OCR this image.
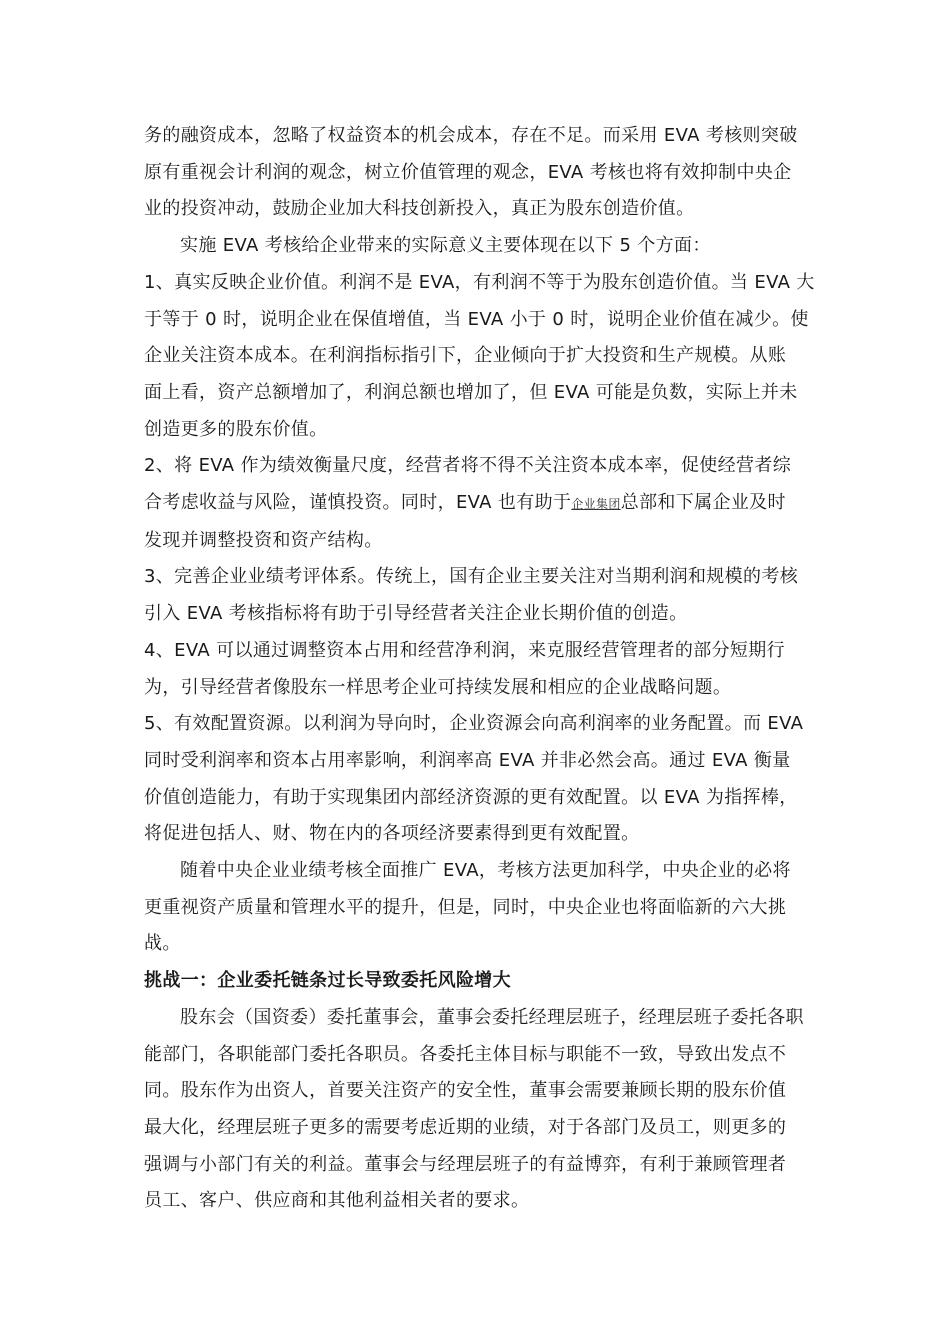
务的融资成本，忽略了权益资本的机会成本，存在不足。而采用 EVA 考核则突破
原有重视会计利润的观念，树立价值管理的观念，EVA 考核也将有效抑制中央企
业的投资冲动，鼓励企业加大科技创新投入，真正为股东创造价值。
实施 EVA 考核给企业带来的实际意义主要体现在以下 5 个方面：
1、真实反映企业价值。利润不是 EVA，有利润不等于为股东创造价值。当 EVA 大
于等于 0 时，说明企业在保值增值，当 EVA 小于 0 时，说明企业价值在减少。使
企业关注资本成本。在利润指标指引下，企业倾向于扩大投资和生产规模。从账
面上看，资产总额增加了，利润总额也增加了，但 EVA 可能是负数，实际上并未
创造更多的股东价值。
2、将 EVA 作为绩效衡量尺度，经营者将不得不关注资本成本率，促使经营者综
合考虑收益与风险，谨慎投资。同时，EVA 也有助于企业集团总部和下属企业及时
发现并调整投资和资产结构。
3、完善企业业绩考评体系。传统上，国有企业主要关注对当期利润和规模的考核
引入 EVA 考核指标将有助于引导经营者关注企业长期价值的创造。
4、EVA 可以通过调整资本占用和经营净利润，来克服经营管理者的部分短期行
为，引导经营者像股东一样思考企业可持续发展和相应的企业战略问题。
5、有效配置资源。以利润为导向时，企业资源会向高利润率的业务配置。而 EVA
同时受利润率和资本占用率影响，利润率高 EVA 并非必然会高。通过 EVA 衡量
价值创造能力，有助于实现集团内部经济资源的更有效配置。以 EVA 为指挥棒，
将促进包括人、财、物在内的各项经济要素得到更有效配置。
随着中央企业业绩考核全面推广 EVA，考核方法更加科学，中央企业的必将
更重视资产质量和管理水平的提升，但是，同时，中央企业也将面临新的六大挑
战。
挑战一：企业委托链条过长导致委托风险增大
股东会（国资委）委托董事会，董事会委托经理层班子，经理层班子委托各职
能部门，各职能部门委托各职员。各委托主体目标与职能不一致，导致出发点不
同。股东作为出资人，首要关注资产的安全性，董事会需要兼顾长期的股东价值
最大化，经理层班子更多的需要考虑近期的业绩，对于各部门及员工，则更多的
强调与小部门有关的利益。董事会与经理层班子的有益博弈，有利于兼顾管理者
员工、客户、供应商和其他利益相关者的要求。
